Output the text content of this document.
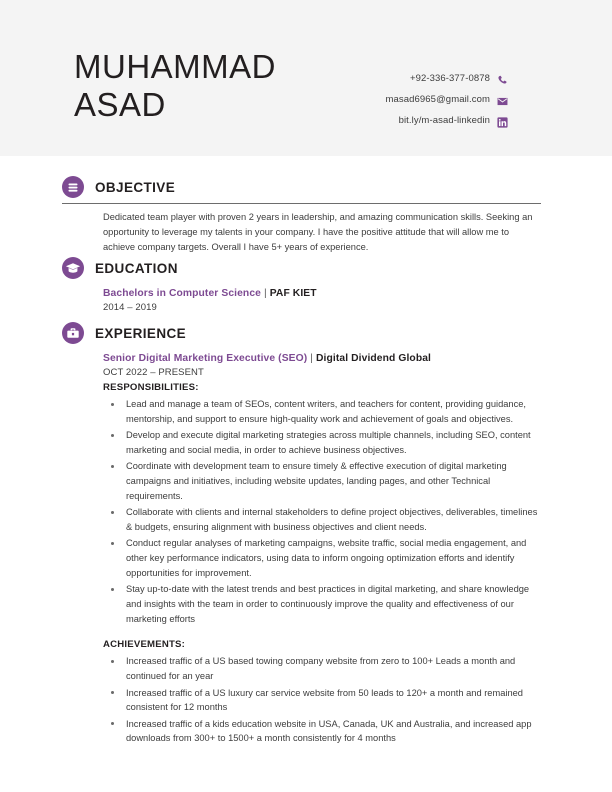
MUHAMMAD
ASAD
+92-336-377-0878
masad6965@gmail.com
bit.ly/m-asad-linkedin
OBJECTIVE
Dedicated team player with proven 2 years in leadership, and amazing communication skills. Seeking an opportunity to leverage my talents in your company. I have the positive attitude that will allow me to achieve company targets. Overall I have 5+ years of experience.
EDUCATION
Bachelors in Computer Science | PAF KIET
2014 – 2019
EXPERIENCE
Senior Digital Marketing Executive (SEO) | Digital Dividend Global
OCT 2022 – PRESENT
RESPONSIBILITIES:
Lead and manage a team of SEOs, content writers, and teachers for content, providing guidance, mentorship, and support to ensure high-quality work and achievement of goals and objectives.
Develop and execute digital marketing strategies across multiple channels, including SEO, content marketing and social media, in order to achieve business objectives.
Coordinate with development team to ensure timely & effective execution of digital marketing campaigns and initiatives, including website updates, landing pages, and other Technical requirements.
Collaborate with clients and internal stakeholders to define project objectives, deliverables, timelines & budgets, ensuring alignment with business objectives and client needs.
Conduct regular analyses of marketing campaigns, website traffic, social media engagement, and other key performance indicators, using data to inform ongoing optimization efforts and identify opportunities for improvement.
Stay up-to-date with the latest trends and best practices in digital marketing, and share knowledge and insights with the team in order to continuously improve the quality and effectiveness of our marketing efforts
ACHIEVEMENTS:
Increased traffic of a US based towing company website from zero to 100+ Leads a month and continued for an year
Increased traffic of a US luxury car service website from 50 leads to 120+ a month and remained consistent for 12 months
Increased traffic of a kids education website in USA, Canada, UK and Australia, and increased app downloads from 300+ to 1500+ a month consistently for 4 months
